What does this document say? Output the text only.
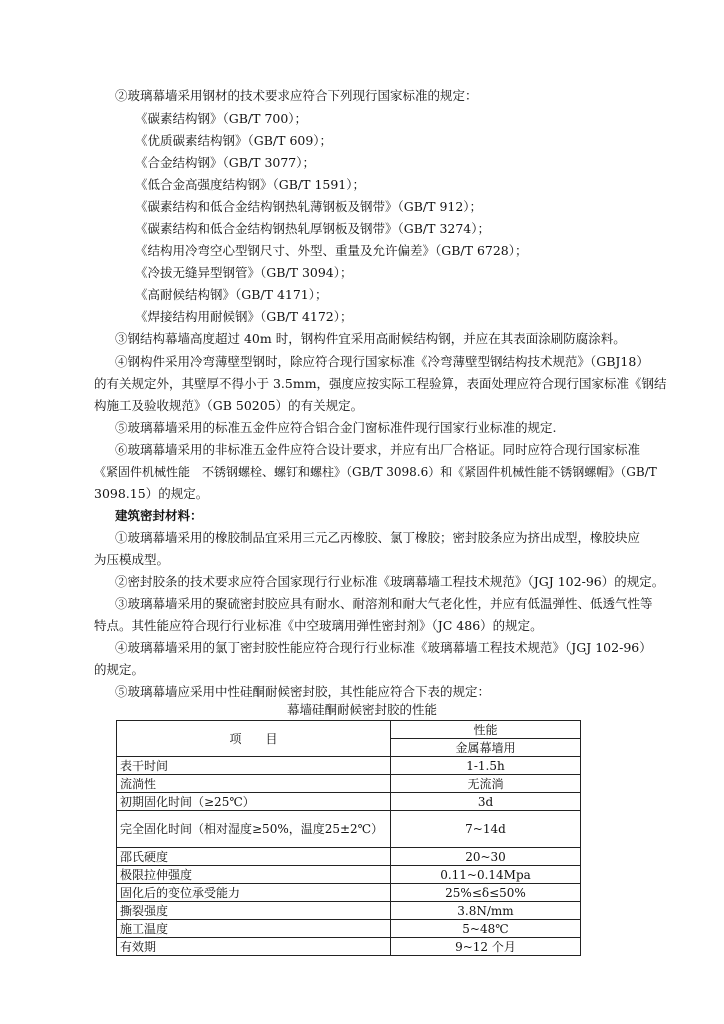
②玻璃幕墙采用钢材的技术要求应符合下列现行国家标准的规定：
《碳素结构钢》（GB/T 700）；
《优质碳素结构钢》（GB/T 609）；
《合金结构钢》（GB/T 3077）；
《低合金高强度结构钢》（GB/T 1591）；
《碳素结构和低合金结构钢热轧薄钢板及钢带》（GB/T 912）；
《碳素结构和低合金结构钢热轧厚钢板及钢带》（GB/T 3274）；
《结构用冷弯空心型钢尺寸、外型、重量及允许偏差》（GB/T 6728）；
《冷拔无缝异型钢管》（GB/T 3094）；
《高耐候结构钢》（GB/T 4171）；
《焊接结构用耐候钢》（GB/T 4172）；
③钢结构幕墙高度超过 40m 时，钢构件宜采用高耐候结构钢，并应在其表面涂刷防腐涂料。
④钢构件采用冷弯薄壁型钢时，除应符合现行国家标准《冷弯薄壁型钢结构技术规范》（GBJ18）
的有关规定外，其壁厚不得小于 3.5mm，强度应按实际工程验算，表面处理应符合现行国家标准《钢结
构施工及验收规范》（GB 50205）的有关规定。
⑤玻璃幕墙采用的标准五金件应符合铝合金门窗标准件现行国家行业标准的规定.
⑥玻璃幕墙采用的非标准五金件应符合设计要求，并应有出厂合格证。同时应符合现行国家标准
《紧固件机械性能　不锈钢螺栓、螺钉和螺柱》（GB/T 3098.6）和《紧固件机械性能不锈钢螺帽》（GB/T
3098.15）的规定。
建筑密封材料：
①玻璃幕墙采用的橡胶制品宜采用三元乙丙橡胶、氯丁橡胶；密封胶条应为挤出成型，橡胶块应
为压模成型。
②密封胶条的技术要求应符合国家现行行业标准《玻璃幕墙工程技术规范》（JGJ 102-96）的规定。
③玻璃幕墙采用的聚硫密封胶应具有耐水、耐溶剂和耐大气老化性，并应有低温弹性、低透气性等
特点。其性能应符合现行行业标准《中空玻璃用弹性密封剂》（JC 486）的规定。
④玻璃幕墙采用的氯丁密封胶性能应符合现行行业标准《玻璃幕墙工程技术规范》（JGJ 102-96）
的规定。
⑤玻璃幕墙应采用中性硅酮耐候密封胶，其性能应符合下表的规定：
幕墙硅酮耐候密封胶的性能
项　　目	性能
	金属幕墙用
表干时间	1-1.5h
流淌性	无流淌
初期固化时间（≥25℃）	3d
完全固化时间（相对湿度≥50%，温度25±2℃）	7~14d
邵氏硬度	20~30
极限拉伸强度	0.11~0.14Mpa
固化后的变位承受能力	25%≤δ≤50%
撕裂强度	3.8N/mm
施工温度	5~48℃
有效期	9~12 个月
